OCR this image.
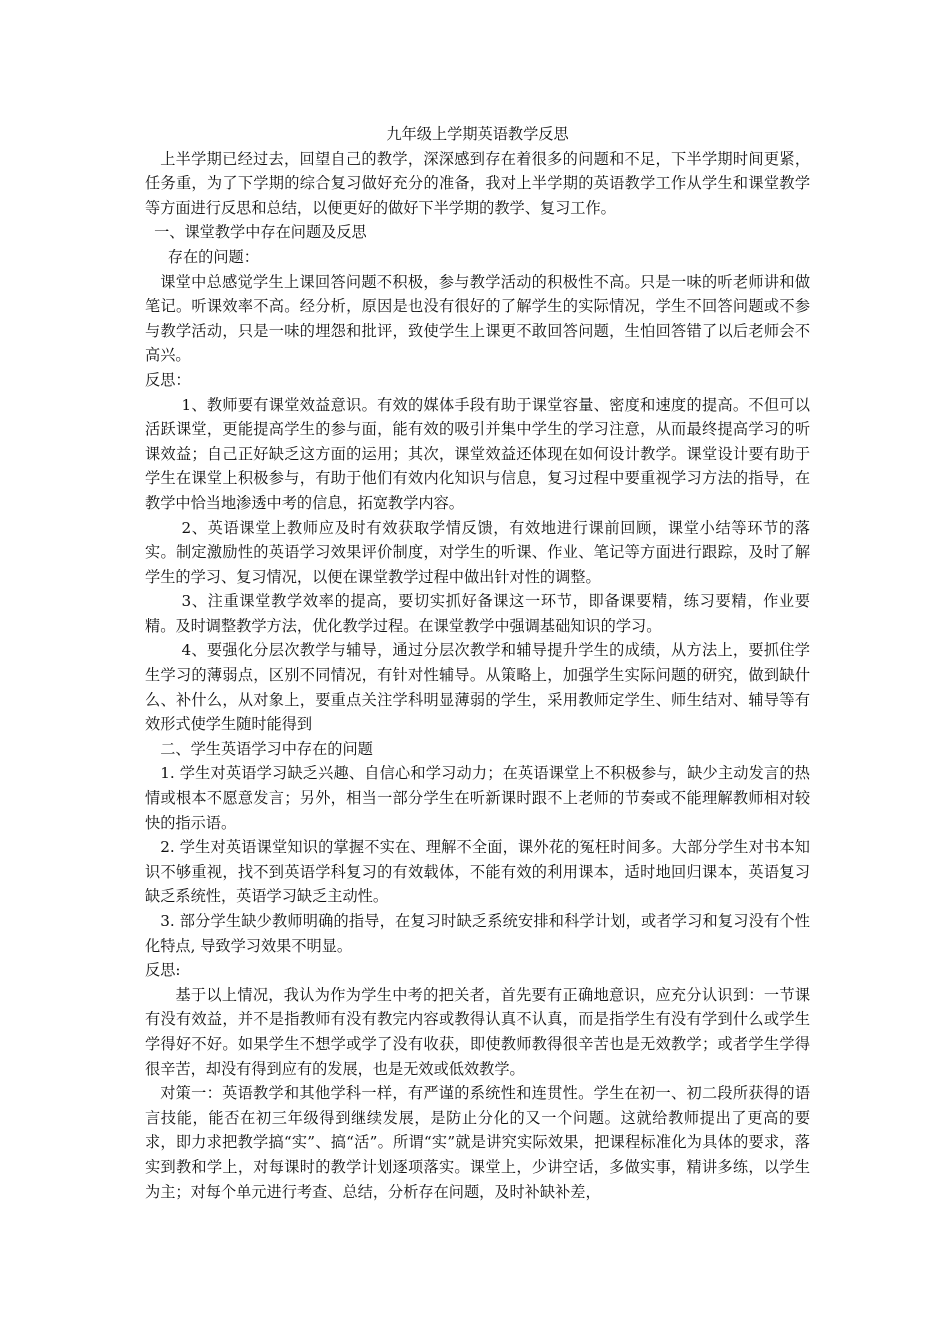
九年级上学期英语教学反思

上半学期已经过去，回望自己的教学，深深感到存在着很多的问题和不足，下半学期时间更紧，任务重，为了下学期的综合复习做好充分的准备，我对上半学期的英语教学工作从学生和课堂教学等方面进行反思和总结，以便更好的做好下半学期的教学、复习工作。

一、课堂教学中存在问题及反思

存在的问题：

课堂中总感觉学生上课回答问题不积极，参与教学活动的积极性不高。只是一味的听老师讲和做笔记。听课效率不高。经分析，原因是也没有很好的了解学生的实际情况，学生不回答问题或不参与教学活动，只是一味的埋怨和批评，致使学生上课更不敢回答问题，生怕回答错了以后老师会不高兴。

反思：

1、教师要有课堂效益意识。有效的媒体手段有助于课堂容量、密度和速度的提高。不但可以活跃课堂，更能提高学生的参与面，能有效的吸引并集中学生的学习注意，从而最终提高学习的听课效益；自己正好缺乏这方面的运用；其次，课堂效益还体现在如何设计教学。课堂设计要有助于学生在课堂上积极参与，有助于他们有效内化知识与信息，复习过程中要重视学习方法的指导，在教学中恰当地渗透中考的信息，拓宽教学内容。

2、英语课堂上教师应及时有效获取学情反馈，有效地进行课前回顾，课堂小结等环节的落实。制定激励性的英语学习效果评价制度，对学生的听课、作业、笔记等方面进行跟踪，及时了解学生的学习、复习情况，以便在课堂教学过程中做出针对性的调整。

3、注重课堂教学效率的提高，要切实抓好备课这一环节，即备课要精，练习要精，作业要精。及时调整教学方法，优化教学过程。在课堂教学中强调基础知识的学习。

4、要强化分层次教学与辅导，通过分层次教学和辅导提升学生的成绩，从方法上，要抓住学生学习的薄弱点，区别不同情况，有针对性辅导。从策略上，加强学生实际问题的研究，做到缺什么、补什么，从对象上，要重点关注学科明显薄弱的学生，采用教师定学生、师生结对、辅导等有效形式使学生随时能得到

二、学生英语学习中存在的问题

1. 学生对英语学习缺乏兴趣、自信心和学习动力；在英语课堂上不积极参与，缺少主动发言的热情或根本不愿意发言；另外，相当一部分学生在听新课时跟不上老师的节奏或不能理解教师相对较快的指示语。

2. 学生对英语课堂知识的掌握不实在、理解不全面，课外花的冤枉时间多。大部分学生对书本知识不够重视，找不到英语学科复习的有效载体，不能有效的利用课本，适时地回归课本，英语复习缺乏系统性，英语学习缺乏主动性。

3. 部分学生缺少教师明确的指导，在复习时缺乏系统安排和科学计划，或者学习和复习没有个性化特点, 导致学习效果不明显。

反思:

基于以上情况，我认为作为学生中考的把关者，首先要有正确地意识，应充分认识到：一节课有没有效益，并不是指教师有没有教完内容或教得认真不认真，而是指学生有没有学到什么或学生学得好不好。如果学生不想学或学了没有收获，即使教师教得很辛苦也是无效教学；或者学生学得很辛苦，却没有得到应有的发展，也是无效或低效教学。

对策一：英语教学和其他学科一样，有严谨的系统性和连贯性。学生在初一、初二段所获得的语言技能，能否在初三年级得到继续发展，是防止分化的又一个问题。这就给教师提出了更高的要求，即力求把教学搞“实”、搞“活”。所谓“实”就是讲究实际效果，把课程标准化为具体的要求，落实到教和学上，对每课时的教学计划逐项落实。课堂上，少讲空话，多做实事，精讲多练，以学生为主；对每个单元进行考查、总结，分析存在问题，及时补缺补差，
